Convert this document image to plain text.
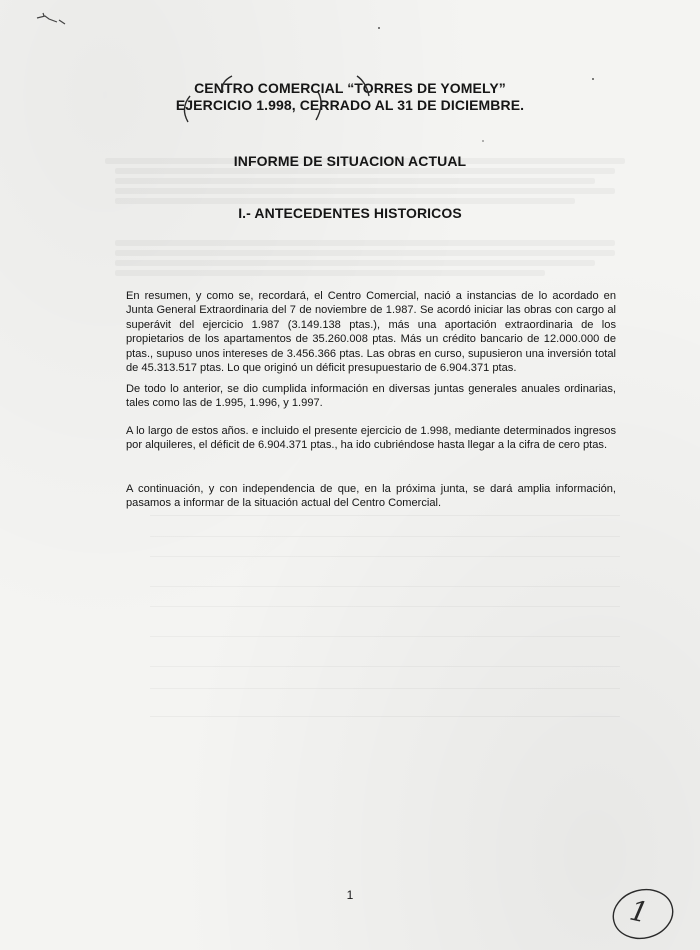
CENTRO COMERCIAL “TORRES DE YOMELY”
EJERCICIO 1.998, CERRADO AL 31 DE DICIEMBRE.
INFORME DE SITUACION ACTUAL
I.- ANTECEDENTES HISTORICOS
En resumen, y como se, recordará, el Centro Comercial, nació a instancias de lo acordado en Junta General Extraordinaria del 7 de noviembre de 1.987. Se acordó iniciar las obras con cargo al superávit del ejercicio 1.987 (3.149.138 ptas.), más una aportación extraordinaria de los propietarios de los apartamentos de 35.260.008 ptas. Más un crédito bancario de 12.000.000 de ptas., supuso unos intereses de 3.456.366 ptas. Las obras en curso, supusieron una inversión total de 45.313.517 ptas. Lo que originó un déficit presupuestario de 6.904.371 ptas.
De todo lo anterior, se dio cumplida información en diversas juntas generales anuales ordinarias, tales como las de 1.995, 1.996, y 1.997.
A lo largo de estos años. e incluido el presente ejercicio de 1.998, mediante determinados ingresos por alquileres, el déficit de 6.904.371 ptas., ha ido cubriéndose hasta llegar a la cifra de cero ptas.
A continuación, y con independencia de que, en la próxima junta, se dará amplia información, pasamos a informar de la situación actual del Centro Comercial.
1	1
